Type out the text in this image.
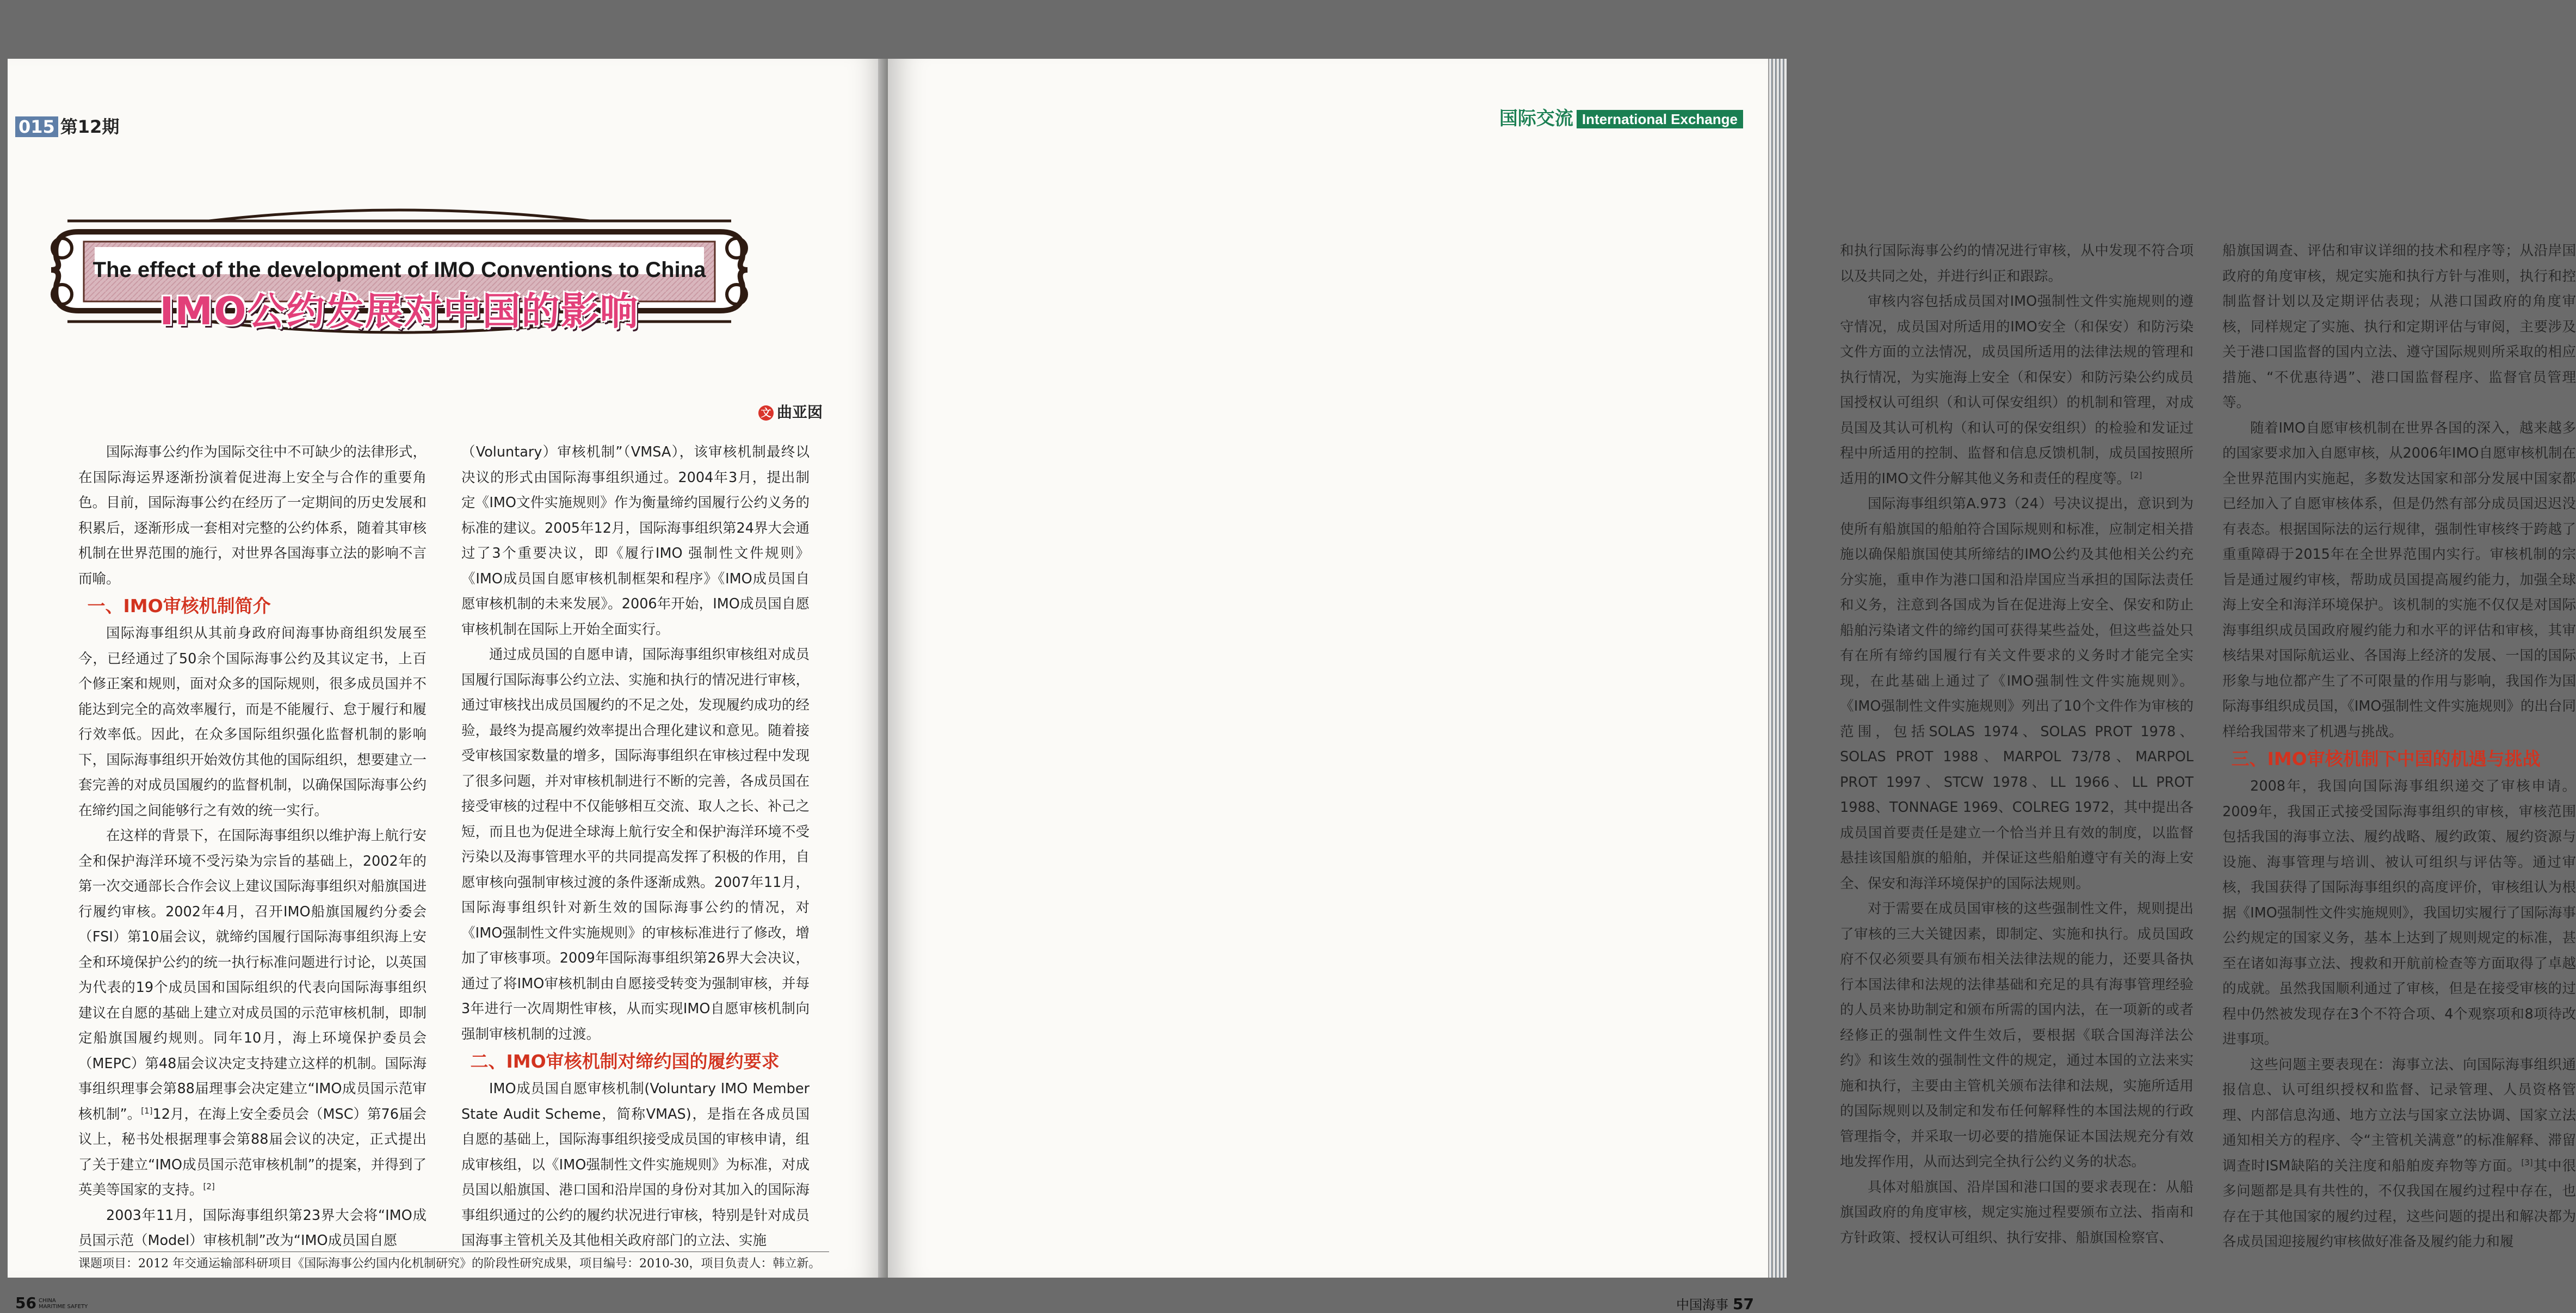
015 第12期
The effect of the development of IMO Conventions to China
IMO公约发展对中国的影响
文 曲亚囡

国际海事公约作为国际交往中不可缺少的法律形式，在国际海运界逐渐扮演着促进海上安全与合作的重要角色。目前，国际海事公约在经历了一定期间的历史发展和积累后，逐渐形成一套相对完整的公约体系，随着其审核机制在世界范围的施行，对世界各国海事立法的影响不言而喻。

一、IMO审核机制简介

国际海事组织从其前身政府间海事协商组织发展至今，已经通过了50余个国际海事公约及其议定书，上百个修正案和规则，面对众多的国际规则，很多成员国并不能达到完全的高效率履行，而是不能履行、怠于履行和履行效率低。因此，在众多国际组织强化监督机制的影响下，国际海事组织开始效仿其他的国际组织，想要建立一套完善的对成员国履约的监督机制，以确保国际海事公约在缔约国之间能够行之有效的统一实行。

在这样的背景下，在国际海事组织以维护海上航行安全和保护海洋环境不受污染为宗旨的基础上，2002年的第一次交通部长合作会议上建议国际海事组织对船旗国进行履约审核。2002年4月，召开IMO船旗国履约分委会（FSI）第10届会议，就缔约国履行国际海事组织海上安全和环境保护公约的统一执行标准问题进行讨论，以英国为代表的19个成员国和国际组织的代表向国际海事组织建议在自愿的基础上建立对成员国的示范审核机制，即制定船旗国履约规则。同年10月，海上环境保护委员会（MEPC）第48届会议决定支持建立这样的机制。国际海事组织理事会第88届理事会决定建立“IMO成员国示范审核机制”。[1]12月，在海上安全委员会（MSC）第76届会议上，秘书处根据理事会第88届会议的决定，正式提出了关于建立“IMO成员国示范审核机制”的提案，并得到了英美等国家的支持。[2]

2003年11月，国际海事组织第23界大会将“IMO成员国示范（Model）审核机制”改为“IMO成员国自愿

（Voluntary）审核机制”（VMSA），该审核机制最终以决议的形式由国际海事组织通过。2004年3月，提出制定《IMO文件实施规则》作为衡量缔约国履行公约义务的标准的建议。2005年12月，国际海事组织第24界大会通过了3个重要决议，即《履行IMO 强制性文件规则》《IMO成员国自愿审核机制框架和程序》《IMO成员国自愿审核机制的未来发展》。2006年开始，IMO成员国自愿审核机制在国际上开始全面实行。

通过成员国的自愿申请，国际海事组织审核组对成员国履行国际海事公约立法、实施和执行的情况进行审核，通过审核找出成员国履约的不足之处，发现履约成功的经验，最终为提高履约效率提出合理化建议和意见。随着接受审核国家数量的增多，国际海事组织在审核过程中发现了很多问题，并对审核机制进行不断的完善，各成员国在接受审核的过程中不仅能够相互交流、取人之长、补己之短，而且也为促进全球海上航行安全和保护海洋环境不受污染以及海事管理水平的共同提高发挥了积极的作用，自愿审核向强制审核过渡的条件逐渐成熟。2007年11月，国际海事组织针对新生效的国际海事公约的情况，对《IMO强制性文件实施规则》的审核标准进行了修改，增加了审核事项。2009年国际海事组织第26界大会决议，通过了将IMO审核机制由自愿接受转变为强制审核，并每3年进行一次周期性审核，从而实现IMO自愿审核机制向强制审核机制的过渡。

二、IMO审核机制对缔约国的履约要求

IMO成员国自愿审核机制(Voluntary IMO Member State Audit Scheme，简称VMAS)，是指在各成员国自愿的基础上，国际海事组织接受成员国的审核申请，组成审核组，以《IMO强制性文件实施规则》为标准，对成员国以船旗国、港口国和沿岸国的身份对其加入的国际海事组织通过的公约的履约状况进行审核，特别是针对成员国海事主管机关及其他相关政府部门的立法、实施

课题项目：2012 年交通运输部科研项目《国际海事公约国内化机制研究》的阶段性研究成果，项目编号：2010-30，项目负责人：韩立新。
56 CHINA
MARITIME SAFETY
国际交流 International Exchange

和执行国际海事公约的情况进行审核，从中发现不符合项以及共同之处，并进行纠正和跟踪。

审核内容包括成员国对IMO强制性文件实施规则的遵守情况，成员国对所适用的IMO安全（和保安）和防污染文件方面的立法情况，成员国所适用的法律法规的管理和执行情况，为实施海上安全（和保安）和防污染公约成员国授权认可组织（和认可保安组织）的机制和管理，对成员国及其认可机构（和认可的保安组织）的检验和发证过程中所适用的控制、监督和信息反馈机制，成员国按照所适用的IMO文件分解其他义务和责任的程度等。[2]

国际海事组织第A.973（24）号决议提出，意识到为使所有船旗国的船舶符合国际规则和标准，应制定相关措施以确保船旗国使其所缔结的IMO公约及其他相关公约充分实施，重申作为港口国和沿岸国应当承担的国际法责任和义务，注意到各国成为旨在促进海上安全、保安和防止船舶污染诸文件的缔约国可获得某些益处，但这些益处只有在所有缔约国履行有关文件要求的义务时才能完全实现，在此基础上通过了《IMO强制性文件实施规则》。《IMO强制性文件实施规则》列出了10个文件作为审核的范围，包括SOLAS 1974、SOLAS PROT 1978、SOLAS PROT 1988、MARPOL 73/78、MARPOL PROT 1997、STCW 1978、LL 1966、LL PROT 1988、TONNAGE 1969、COLREG 1972，其中提出各成员国首要责任是建立一个恰当并且有效的制度，以监督悬挂该国船旗的船舶，并保证这些船舶遵守有关的海上安全、保安和海洋环境保护的国际法规则。

对于需要在成员国审核的这些强制性文件，规则提出了审核的三大关键因素，即制定、实施和执行。成员国政府不仅必须要具有颁布相关法律法规的能力，还要具备执行本国法律和法规的法律基础和充足的具有海事管理经验的人员来协助制定和颁布所需的国内法，在一项新的或者经修正的强制性文件生效后，要根据《联合国海洋法公约》和该生效的强制性文件的规定，通过本国的立法来实施和执行，主要由主管机关颁布法律和法规，实施所适用的国际规则以及制定和发布任何解释性的本国法规的行政管理指令，并采取一切必要的措施保证本国法规充分有效地发挥作用，从而达到完全执行公约义务的状态。

具体对船旗国、沿岸国和港口国的要求表现在：从船旗国政府的角度审核，规定实施过程要颁布立法、指南和方针政策、授权认可组织、执行安排、船旗国检察官、

船旗国调查、评估和审议详细的技术和程序等；从沿岸国政府的角度审核，规定实施和执行方针与准则，执行和控制监督计划以及定期评估表现；从港口国政府的角度审核，同样规定了实施、执行和定期评估与审阅，主要涉及关于港口国监督的国内立法、遵守国际规则所采取的相应措施、“不优惠待遇”、港口国监督程序、监督官员管理等。

随着IMO自愿审核机制在世界各国的深入，越来越多的国家要求加入自愿审核，从2006年IMO自愿审核机制在全世界范围内实施起，多数发达国家和部分发展中国家都已经加入了自愿审核体系，但是仍然有部分成员国迟迟没有表态。根据国际法的运行规律，强制性审核终于跨越了重重障碍于2015年在全世界范围内实行。审核机制的宗旨是通过履约审核，帮助成员国提高履约能力，加强全球海上安全和海洋环境保护。该机制的实施不仅仅是对国际海事组织成员国政府履约能力和水平的评估和审核，其审核结果对国际航运业、各国海上经济的发展、一国的国际形象与地位都产生了不可限量的作用与影响，我国作为国际海事组织成员国，《IMO强制性文件实施规则》的出台同样给我国带来了机遇与挑战。

三、IMO审核机制下中国的机遇与挑战

2008年，我国向国际海事组织递交了审核申请。2009年，我国正式接受国际海事组织的审核，审核范围包括我国的海事立法、履约战略、履约政策、履约资源与设施、海事管理与培训、被认可组织与评估等。通过审核，我国获得了国际海事组织的高度评价，审核组认为根据《IMO强制性文件实施规则》，我国切实履行了国际海事公约规定的国家义务，基本上达到了规则规定的标准，甚至在诸如海事立法、搜救和开航前检查等方面取得了卓越的成就。虽然我国顺利通过了审核，但是在接受审核的过程中仍然被发现存在3个不符合项、4个观察项和8项待改进事项。

这些问题主要表现在：海事立法、向国际海事组织通报信息、认可组织授权和监督、记录管理、人员资格管理、内部信息沟通、地方立法与国家立法协调、国家立法通知相关方的程序、令“主管机关满意”的标准解释、滞留调查时ISM缺陷的关注度和船舶废弃物等方面。[3]其中很多问题都是具有共性的，不仅我国在履约过程中存在，也存在于其他国家的履约过程，这些问题的提出和解决都为各成员国迎接履约审核做好准备及履约能力和履

中国海事 57
